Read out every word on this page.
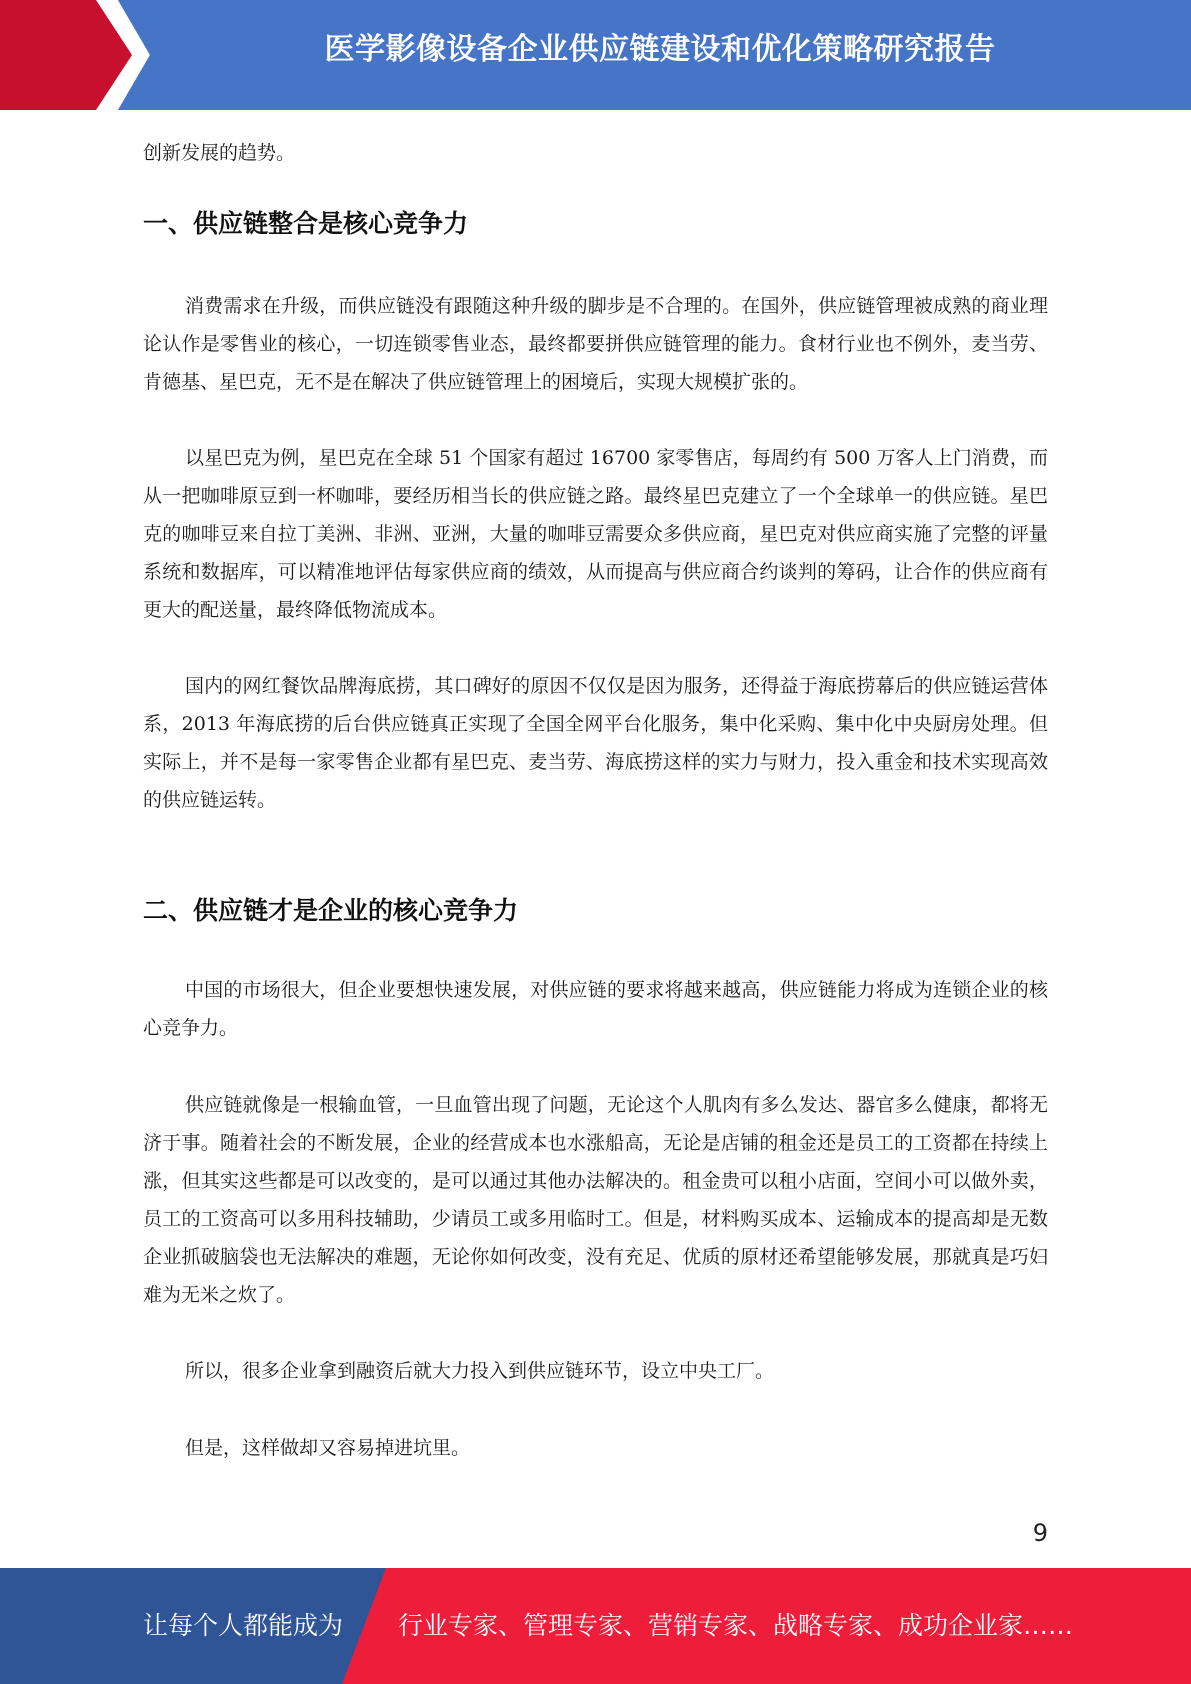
医学影像设备企业供应链建设和优化策略研究报告

创新发展的趋势。

一、供应链整合是核心竞争力

消费需求在升级，而供应链没有跟随这种升级的脚步是不合理的。在国外，供应链管理被成熟的商业理论认作是零售业的核心，一切连锁零售业态，最终都要拼供应链管理的能力。食材行业也不例外，麦当劳、肯德基、星巴克，无不是在解决了供应链管理上的困境后，实现大规模扩张的。

以星巴克为例，星巴克在全球 51 个国家有超过 16700 家零售店，每周约有 500 万客人上门消费，而从一把咖啡原豆到一杯咖啡，要经历相当长的供应链之路。最终星巴克建立了一个全球单一的供应链。星巴克的咖啡豆来自拉丁美洲、非洲、亚洲，大量的咖啡豆需要众多供应商，星巴克对供应商实施了完整的评量系统和数据库，可以精准地评估每家供应商的绩效，从而提高与供应商合约谈判的筹码，让合作的供应商有更大的配送量，最终降低物流成本。

国内的网红餐饮品牌海底捞，其口碑好的原因不仅仅是因为服务，还得益于海底捞幕后的供应链运营体系，2013 年海底捞的后台供应链真正实现了全国全网平台化服务，集中化采购、集中化中央厨房处理。但实际上，并不是每一家零售企业都有星巴克、麦当劳、海底捞这样的实力与财力，投入重金和技术实现高效的供应链运转。

二、供应链才是企业的核心竞争力

中国的市场很大，但企业要想快速发展，对供应链的要求将越来越高，供应链能力将成为连锁企业的核心竞争力。

供应链就像是一根输血管，一旦血管出现了问题，无论这个人肌肉有多么发达、器官多么健康，都将无济于事。随着社会的不断发展，企业的经营成本也水涨船高，无论是店铺的租金还是员工的工资都在持续上涨，但其实这些都是可以改变的，是可以通过其他办法解决的。租金贵可以租小店面，空间小可以做外卖，员工的工资高可以多用科技辅助，少请员工或多用临时工。但是，材料购买成本、运输成本的提高却是无数企业抓破脑袋也无法解决的难题，无论你如何改变，没有充足、优质的原材还希望能够发展，那就真是巧妇难为无米之炊了。

所以，很多企业拿到融资后就大力投入到供应链环节，设立中央工厂。

但是，这样做却又容易掉进坑里。

9
让每个人都能成为 行业专家、管理专家、营销专家、战略专家、成功企业家……
